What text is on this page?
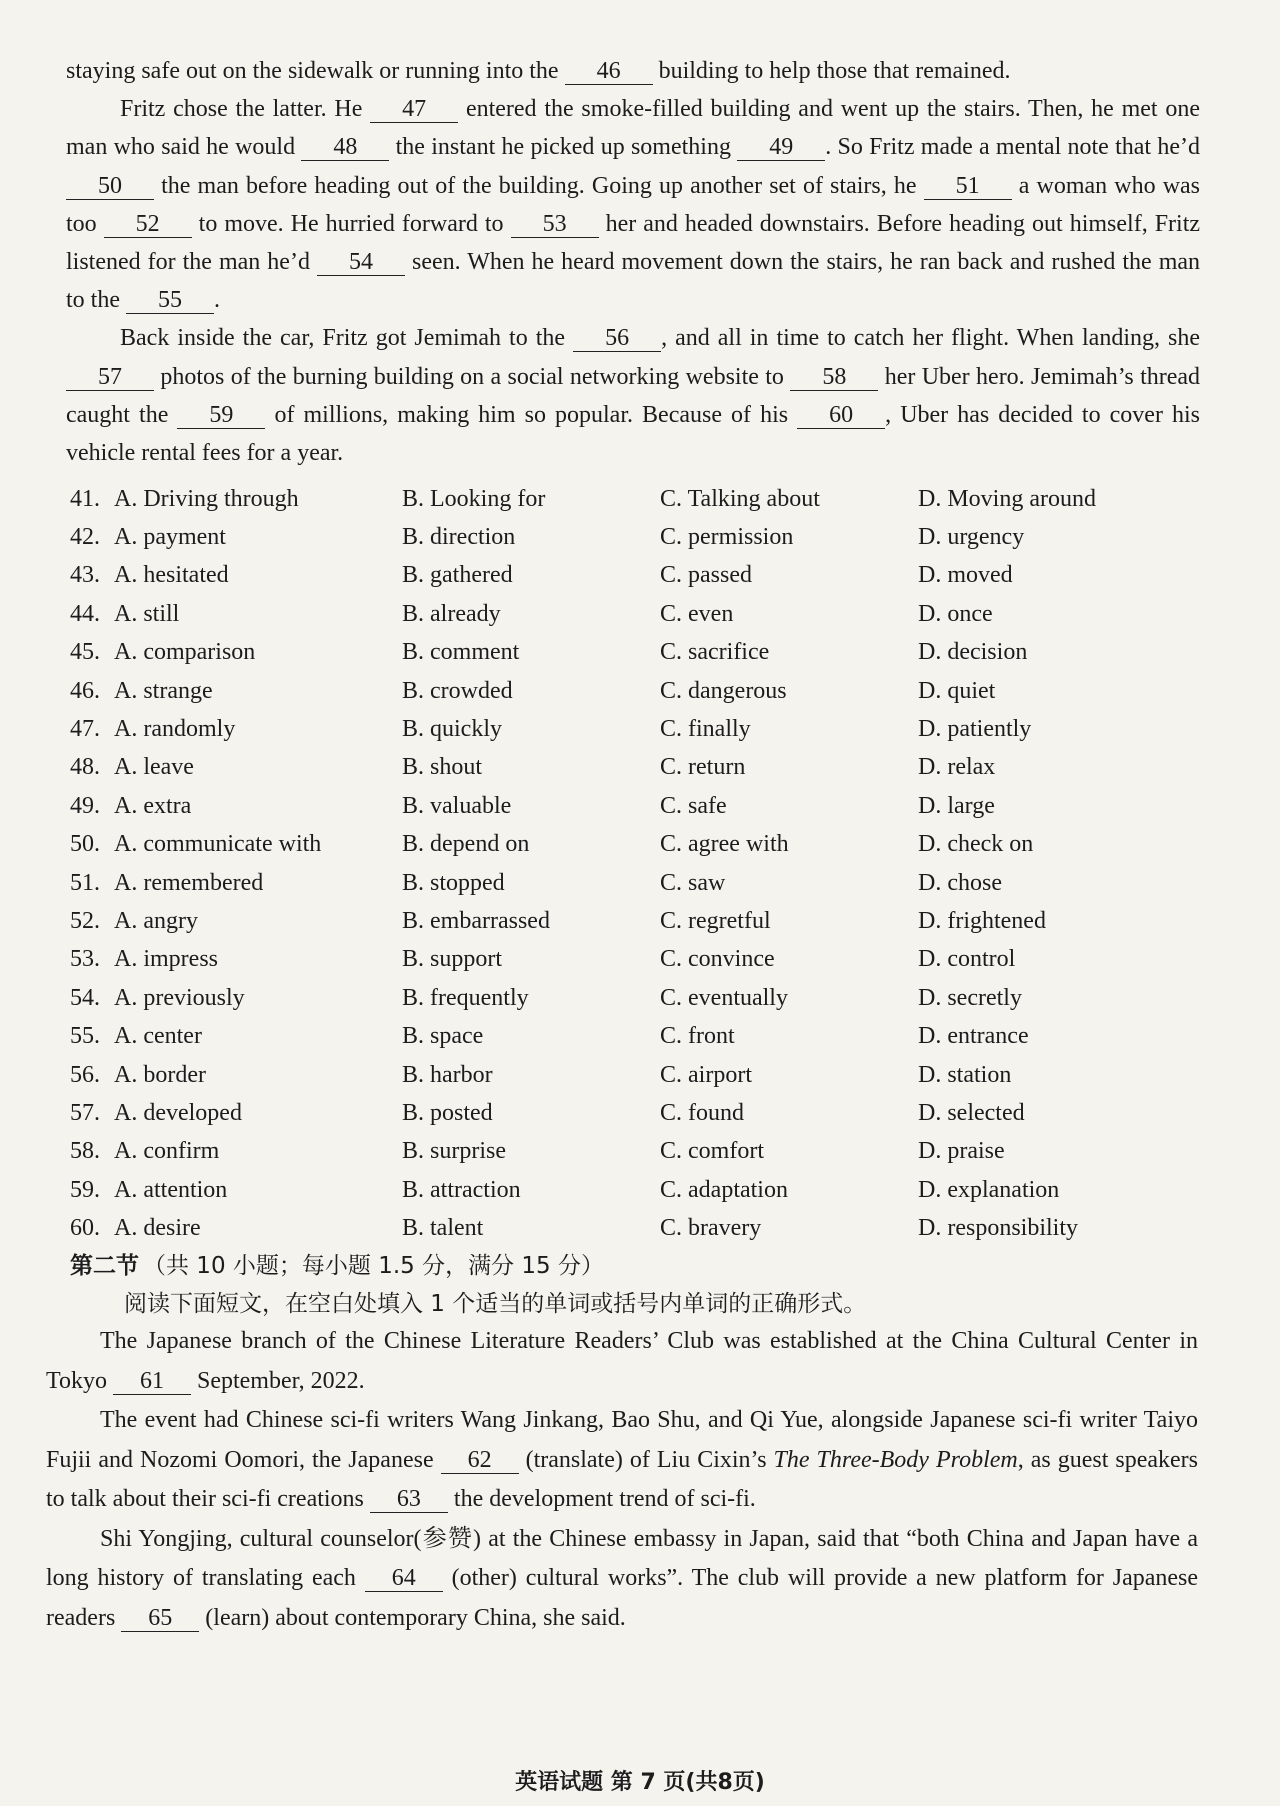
staying safe out on the sidewalk or running into the 46 building to help those that remained.

Fritz chose the latter. He 47 entered the smoke-filled building and went up the stairs. Then, he met one man who said he would 48 the instant he picked up something 49 . So Fritz made a mental note that he’d 50 the man before heading out of the building. Going up another set of stairs, he 51 a woman who was too 52 to move. He hurried forward to 53 her and headed downstairs. Before heading out himself, Fritz listened for the man he’d 54 seen. When he heard movement down the stairs, he ran back and rushed the man to the 55 .

Back inside the car, Fritz got Jemimah to the 56 , and all in time to catch her flight. When landing, she 57 photos of the burning building on a social networking website to 58 her Uber hero. Jemimah’s thread caught the 59 of millions, making him so popular. Because of his 60 , Uber has decided to cover his vehicle rental fees for a year.

41. A. Driving through	B. Looking for	C. Talking about	D. Moving around
42. A. payment	B. direction	C. permission	D. urgency
43. A. hesitated	B. gathered	C. passed	D. moved
44. A. still	B. already	C. even	D. once
45. A. comparison	B. comment	C. sacrifice	D. decision
46. A. strange	B. crowded	C. dangerous	D. quiet
47. A. randomly	B. quickly	C. finally	D. patiently
48. A. leave	B. shout	C. return	D. relax
49. A. extra	B. valuable	C. safe	D. large
50. A. communicate with	B. depend on	C. agree with	D. check on
51. A. remembered	B. stopped	C. saw	D. chose
52. A. angry	B. embarrassed	C. regretful	D. frightened
53. A. impress	B. support	C. convince	D. control
54. A. previously	B. frequently	C. eventually	D. secretly
55. A. center	B. space	C. front	D. entrance
56. A. border	B. harbor	C. airport	D. station
57. A. developed	B. posted	C. found	D. selected
58. A. confirm	B. surprise	C. comfort	D. praise
59. A. attention	B. attraction	C. adaptation	D. explanation
60. A. desire	B. talent	C. bravery	D. responsibility
第二节 （共 10 小题；每小题 1.5 分，满分 15 分）

阅读下面短文，在空白处填入 1 个适当的单词或括号内单词的正确形式。

The Japanese branch of the Chinese Literature Readers’ Club was established at the China Cultural Center in Tokyo 61 September, 2022.

The event had Chinese sci-fi writers Wang Jinkang, Bao Shu, and Qi Yue, alongside Japanese sci-fi writer Taiyo Fujii and Nozomi Oomori, the Japanese 62 (translate) of Liu Cixin’s The Three-Body Problem, as guest speakers to talk about their sci-fi creations 63 the development trend of sci-fi.

Shi Yongjing, cultural counselor(参赞) at the Chinese embassy in Japan, said that “both China and Japan have a long history of translating each 64 (other) cultural works”. The club will provide a new platform for Japanese readers 65 (learn) about contemporary China, she said.

英语试题 第 7 页(共8页)
